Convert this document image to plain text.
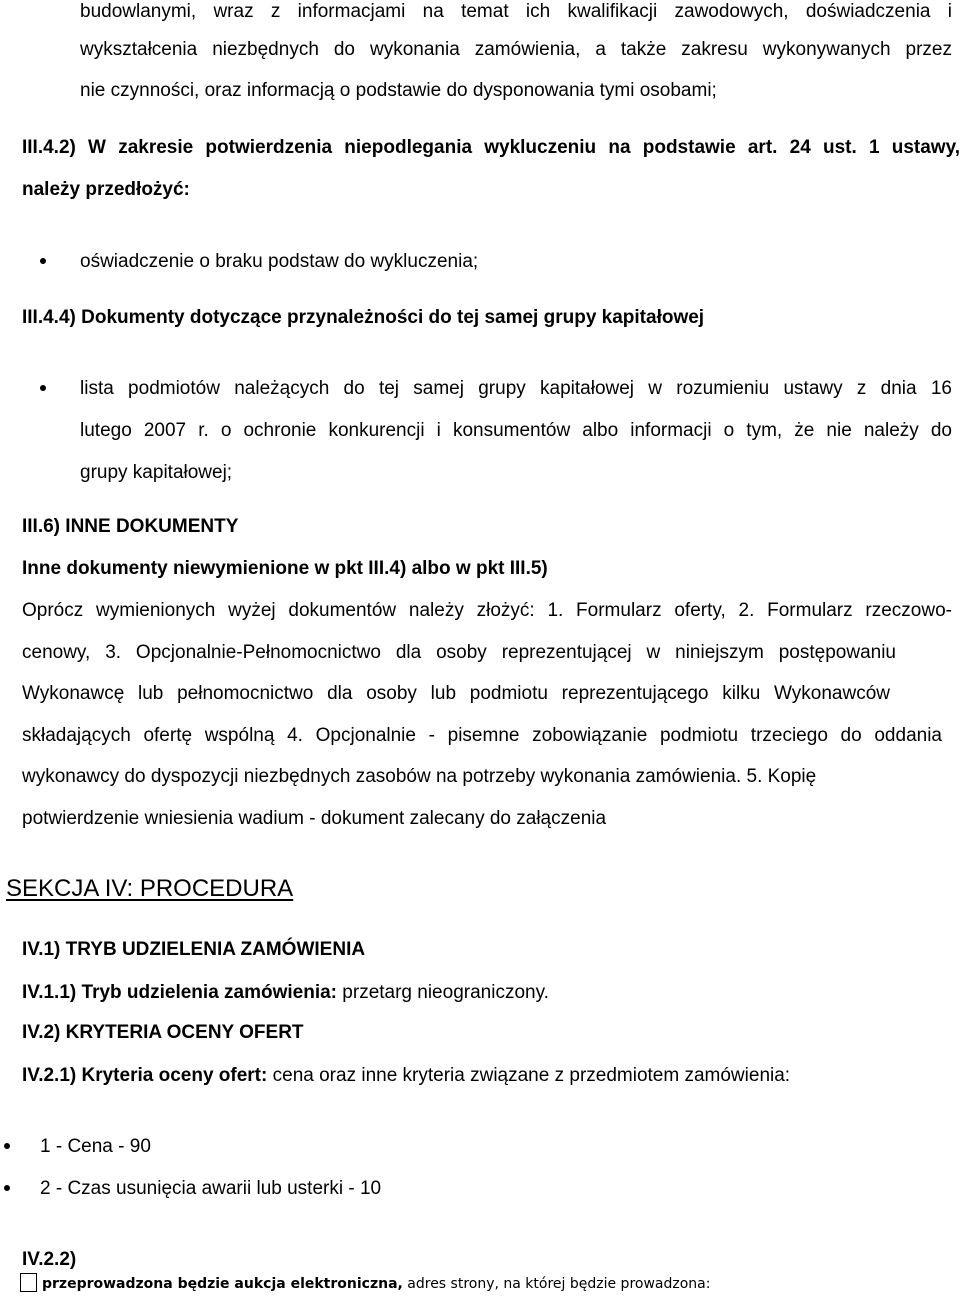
budowlanymi, wraz z informacjami na temat ich kwalifikacji zawodowych, doświadczenia i
wykształcenia niezbędnych do wykonania zamówienia, a także zakresu wykonywanych przez
nie czynności, oraz informacją o podstawie do dysponowania tymi osobami;
III.4.2) W zakresie potwierdzenia niepodlegania wykluczeniu na podstawie art. 24 ust. 1 ustawy,
należy przedłożyć:
oświadczenie o braku podstaw do wykluczenia;
III.4.4) Dokumenty dotyczące przynależności do tej samej grupy kapitałowej
lista podmiotów należących do tej samej grupy kapitałowej w rozumieniu ustawy z dnia 16
lutego 2007 r. o ochronie konkurencji i konsumentów albo informacji o tym, że nie należy do
grupy kapitałowej;
III.6) INNE DOKUMENTY
Inne dokumenty niewymienione w pkt III.4) albo w pkt III.5)
Oprócz wymienionych wyżej dokumentów należy złożyć: 1. Formularz oferty, 2. Formularz rzeczowo-
cenowy, 3. Opcjonalnie-Pełnomocnictwo dla osoby reprezentującej w niniejszym postępowaniu
Wykonawcę lub pełnomocnictwo dla osoby lub podmiotu reprezentującego kilku Wykonawców
składających ofertę wspólną 4. Opcjonalnie - pisemne zobowiązanie podmiotu trzeciego do oddania
wykonawcy do dyspozycji niezbędnych zasobów na potrzeby wykonania zamówienia. 5. Kopię
potwierdzenie wniesienia wadium - dokument zalecany do załączenia
SEKCJA IV: PROCEDURA
IV.1) TRYB UDZIELENIA ZAMÓWIENIA
IV.1.1) Tryb udzielenia zamówienia: przetarg nieograniczony.
IV.2) KRYTERIA OCENY OFERT
IV.2.1) Kryteria oceny ofert: cena oraz inne kryteria związane z przedmiotem zamówienia:
1 - Cena - 90
2 - Czas usunięcia awarii lub usterki - 10
IV.2.2)
przeprowadzona będzie aukcja elektroniczna, adres strony, na której będzie prowadzona:
